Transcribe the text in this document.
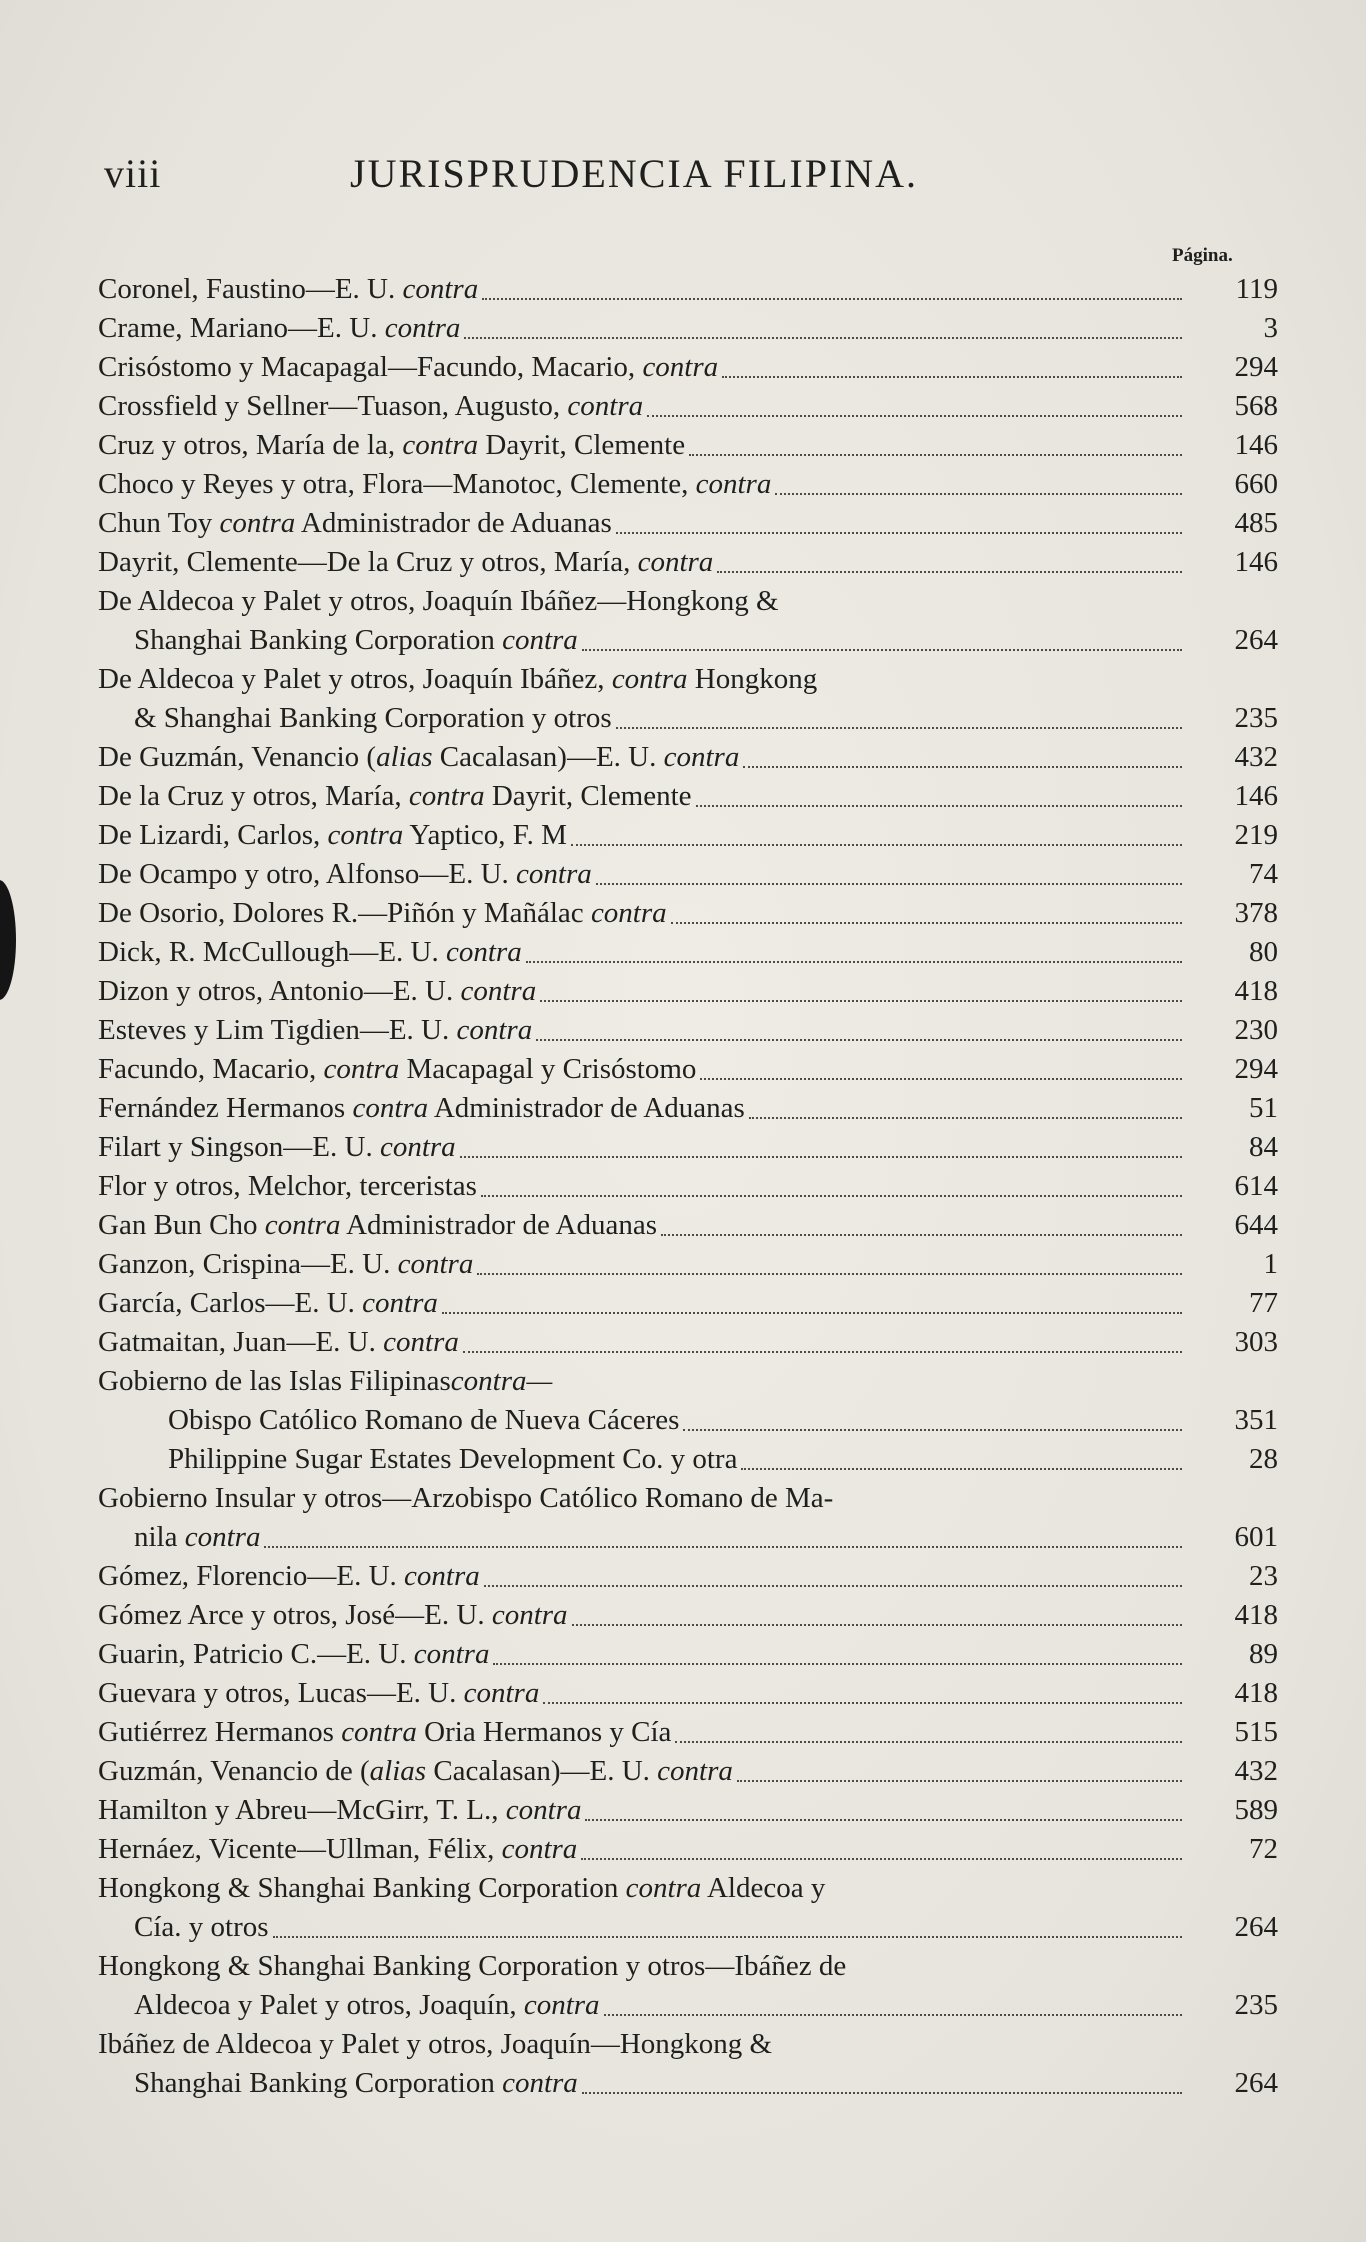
viii	JURISPRUDENCIA FILIPINA.
Página.
Coronel, Faustino—E. U. contra	119
Crame, Mariano—E. U. contra	3
Crisóstomo y Macapagal—Facundo, Macario, contra	294
Crossfield y Sellner—Tuason, Augusto, contra	568
Cruz y otros, María de la, contra Dayrit, Clemente	146
Choco y Reyes y otra, Flora—Manotoc, Clemente, contra	660
Chun Toy contra Administrador de Aduanas	485
Dayrit, Clemente—De la Cruz y otros, María, contra	146
De Aldecoa y Palet y otros, Joaquín Ibáñez—Hongkong &
Shanghai Banking Corporation contra	264
De Aldecoa y Palet y otros, Joaquín Ibáñez, contra Hongkong
& Shanghai Banking Corporation y otros	235
De Guzmán, Venancio (alias Cacalasan)—E. U. contra	432
De la Cruz y otros, María, contra Dayrit, Clemente	146
De Lizardi, Carlos, contra Yaptico, F. M	219
De Ocampo y otro, Alfonso—E. U. contra	74
De Osorio, Dolores R.—Piñón y Mañálac contra	378
Dick, R. McCullough—E. U. contra	80
Dizon y otros, Antonio—E. U. contra	418
Esteves y Lim Tigdien—E. U. contra	230
Facundo, Macario, contra Macapagal y Crisóstomo	294
Fernández Hermanos contra Administrador de Aduanas	51
Filart y Singson—E. U. contra	84
Flor y otros, Melchor, terceristas	614
Gan Bun Cho contra Administrador de Aduanas	644
Ganzon, Crispina—E. U. contra	1
García, Carlos—E. U. contra	77
Gatmaitan, Juan—E. U. contra	303
Gobierno de las Islas Filipinas contra—
Obispo Católico Romano de Nueva Cáceres	351
Philippine Sugar Estates Development Co. y otra	28
Gobierno Insular y otros—Arzobispo Católico Romano de Ma-
nila contra	601
Gómez, Florencio—E. U. contra	23
Gómez Arce y otros, José—E. U. contra	418
Guarin, Patricio C.—E. U. contra	89
Guevara y otros, Lucas—E. U. contra	418
Gutiérrez Hermanos contra Oria Hermanos y Cía	515
Guzmán, Venancio de (alias Cacalasan)—E. U. contra	432
Hamilton y Abreu—McGirr, T. L., contra	589
Hernáez, Vicente—Ullman, Félix, contra	72
Hongkong & Shanghai Banking Corporation contra Aldecoa y
Cía. y otros	264
Hongkong & Shanghai Banking Corporation y otros—Ibáñez de
Aldecoa y Palet y otros, Joaquín, contra	235
Ibáñez de Aldecoa y Palet y otros, Joaquín—Hongkong &
Shanghai Banking Corporation contra	264
